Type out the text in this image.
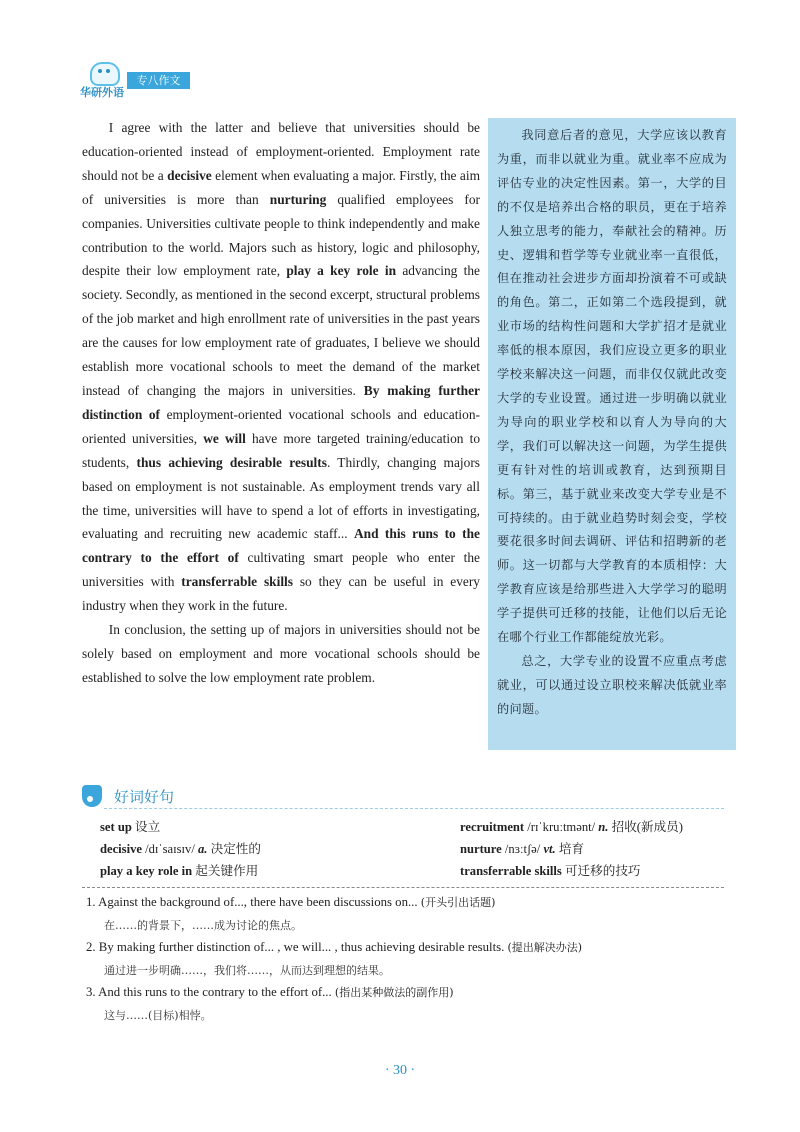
华研外语
专八作文

I agree with the latter and believe that universities should be education-oriented instead of employment-oriented. Employment rate should not be a decisive element when evaluating a major. Firstly, the aim of universities is more than nurturing qualified employees for companies. Universities cultivate people to think independently and make contribution to the world. Majors such as history, logic and philosophy, despite their low employment rate, play a key role in advancing the society. Secondly, as mentioned in the second excerpt, structural problems of the job market and high enrollment rate of universities in the past years are the causes for low employment rate of graduates, I believe we should establish more vocational schools to meet the demand of the market instead of changing the majors in universities. By making further distinction of employment-oriented vocational schools and education-oriented universities, we will have more targeted training/education to students, thus achieving desirable results. Thirdly, changing majors based on employment is not sustainable. As employment trends vary all the time, universities will have to spend a lot of efforts in investigating, evaluating and recruiting new academic staff... And this runs to the contrary to the effort of cultivating smart people who enter the universities with transferrable skills so they can be useful in every industry when they work in the future.

In conclusion, the setting up of majors in universities should not be solely based on employment and more vocational schools should be established to solve the low employment rate problem.

我同意后者的意见，大学应该以教育为重，而非以就业为重。就业率不应成为评估专业的决定性因素。第一，大学的目的不仅是培养出合格的职员，更在于培养人独立思考的能力，奉献社会的精神。历史、逻辑和哲学等专业就业率一直很低，但在推动社会进步方面却扮演着不可或缺的角色。第二，正如第二个选段提到，就业市场的结构性问题和大学扩招才是就业率低的根本原因，我们应设立更多的职业学校来解决这一问题，而非仅仅就此改变大学的专业设置。通过进一步明确以就业为导向的职业学校和以育人为导向的大学，我们可以解决这一问题，为学生提供更有针对性的培训或教育，达到预期目标。第三，基于就业来改变大学专业是不可持续的。由于就业趋势时刻会变，学校要花很多时间去调研、评估和招聘新的老师。这一切都与大学教育的本质相悖：大学教育应该是给那些进入大学学习的聪明学子提供可迁移的技能，让他们以后无论在哪个行业工作都能绽放光彩。

总之，大学专业的设置不应重点考虑就业，可以通过设立职校来解决低就业率的问题。

好词好句
set up 设立
decisive /dɪˈsaɪsɪv/ a. 决定性的
play a key role in 起关键作用
recruitment /rɪˈkruːtmənt/ n. 招收(新成员)
nurture /nɜːtʃə/ vt. 培育
transferrable skills 可迁移的技巧
1. Against the background of..., there have been discussions on... (开头引出话题)
在……的背景下，……成为讨论的焦点。
2. By making further distinction of... , we will... , thus achieving desirable results. (提出解决办法)
通过进一步明确……，我们将……，从而达到理想的结果。
3. And this runs to the contrary to the effort of... (指出某种做法的副作用)
这与……(目标)相悖。
· 30 ·
